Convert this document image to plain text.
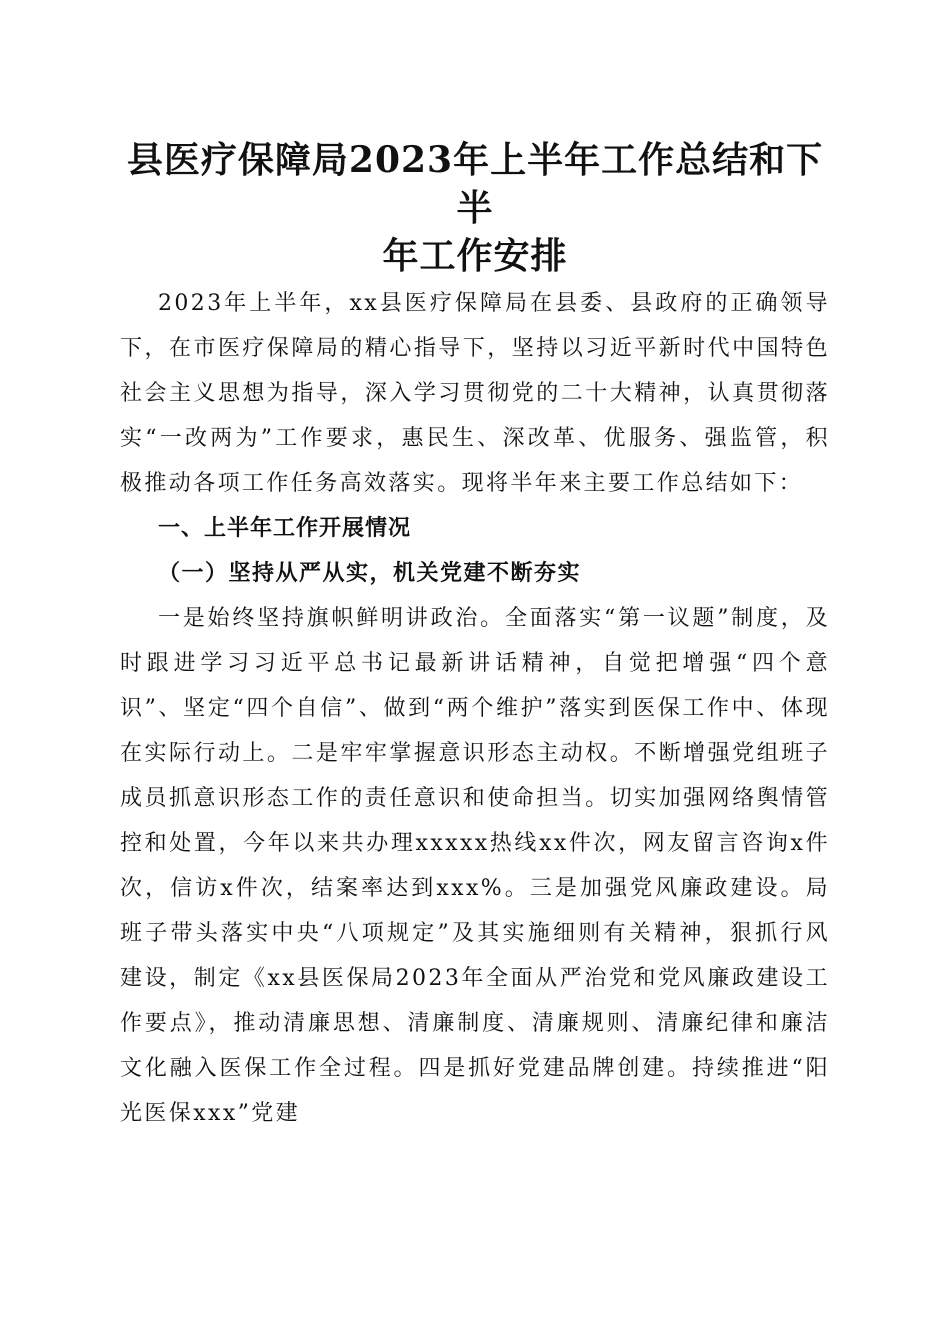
县医疗保障局2023年上半年工作总结和下半
年工作安排

2023年上半年，xx县医疗保障局在县委、县政府的正确领导下，在市医疗保障局的精心指导下，坚持以习近平新时代中国特色社会主义思想为指导，深入学习贯彻党的二十大精神，认真贯彻落实“一改两为”工作要求，惠民生、深改革、优服务、强监管，积极推动各项工作任务高效落实。现将半年来主要工作总结如下：

一、上半年工作开展情况

（一）坚持从严从实，机关党建不断夯实

一是始终坚持旗帜鲜明讲政治。全面落实“第一议题”制度，及时跟进学习习近平总书记最新讲话精神，自觉把增强“四个意识”、坚定“四个自信”、做到“两个维护”落实到医保工作中、体现在实际行动上。二是牢牢掌握意识形态主动权。不断增强党组班子成员抓意识形态工作的责任意识和使命担当。切实加强网络舆情管控和处置，今年以来共办理xxxxx热线xx件次，网友留言咨询x件次，信访x件次，结案率达到xxx%。三是加强党风廉政建设。局班子带头落实中央“八项规定”及其实施细则有关精神，狠抓行风建设，制定《xx县医保局2023年全面从严治党和党风廉政建设工作要点》，推动清廉思想、清廉制度、清廉规则、清廉纪律和廉洁文化融入医保工作全过程。四是抓好党建品牌创建。持续推进“阳光医保xxx”党建
